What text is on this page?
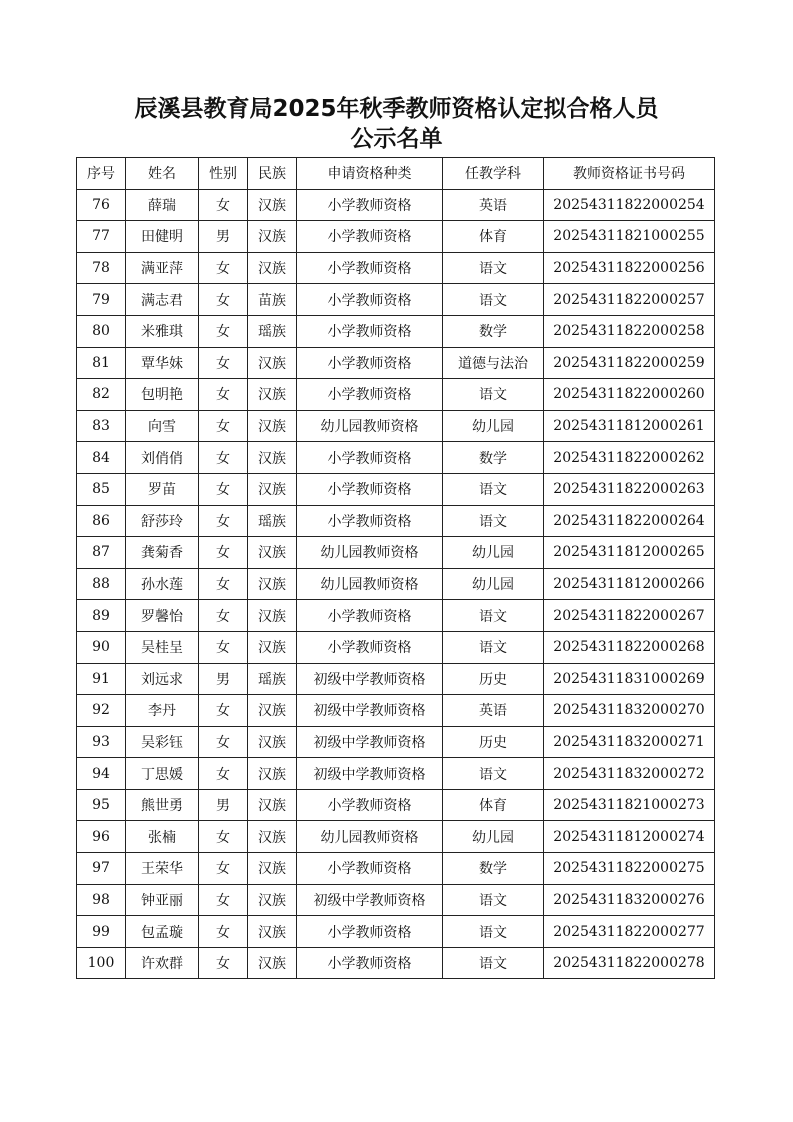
辰溪县教育局2025年秋季教师资格认定拟合格人员
公示名单
序号	姓名	性别	民族	申请资格种类	任教学科	教师资格证书号码
76	薛瑞	女	汉族	小学教师资格	英语	20254311822000254
77	田健明	男	汉族	小学教师资格	体育	20254311821000255
78	满亚萍	女	汉族	小学教师资格	语文	20254311822000256
79	满志君	女	苗族	小学教师资格	语文	20254311822000257
80	米雅琪	女	瑶族	小学教师资格	数学	20254311822000258
81	覃华妹	女	汉族	小学教师资格	道德与法治	20254311822000259
82	包明艳	女	汉族	小学教师资格	语文	20254311822000260
83	向雪	女	汉族	幼儿园教师资格	幼儿园	20254311812000261
84	刘俏俏	女	汉族	小学教师资格	数学	20254311822000262
85	罗苗	女	汉族	小学教师资格	语文	20254311822000263
86	舒莎玲	女	瑶族	小学教师资格	语文	20254311822000264
87	龚菊香	女	汉族	幼儿园教师资格	幼儿园	20254311812000265
88	孙水莲	女	汉族	幼儿园教师资格	幼儿园	20254311812000266
89	罗馨怡	女	汉族	小学教师资格	语文	20254311822000267
90	吴桂呈	女	汉族	小学教师资格	语文	20254311822000268
91	刘远求	男	瑶族	初级中学教师资格	历史	20254311831000269
92	李丹	女	汉族	初级中学教师资格	英语	20254311832000270
93	吴彩钰	女	汉族	初级中学教师资格	历史	20254311832000271
94	丁思媛	女	汉族	初级中学教师资格	语文	20254311832000272
95	熊世勇	男	汉族	小学教师资格	体育	20254311821000273
96	张楠	女	汉族	幼儿园教师资格	幼儿园	20254311812000274
97	王荣华	女	汉族	小学教师资格	数学	20254311822000275
98	钟亚丽	女	汉族	初级中学教师资格	语文	20254311832000276
99	包孟璇	女	汉族	小学教师资格	语文	20254311822000277
100	许欢群	女	汉族	小学教师资格	语文	20254311822000278
